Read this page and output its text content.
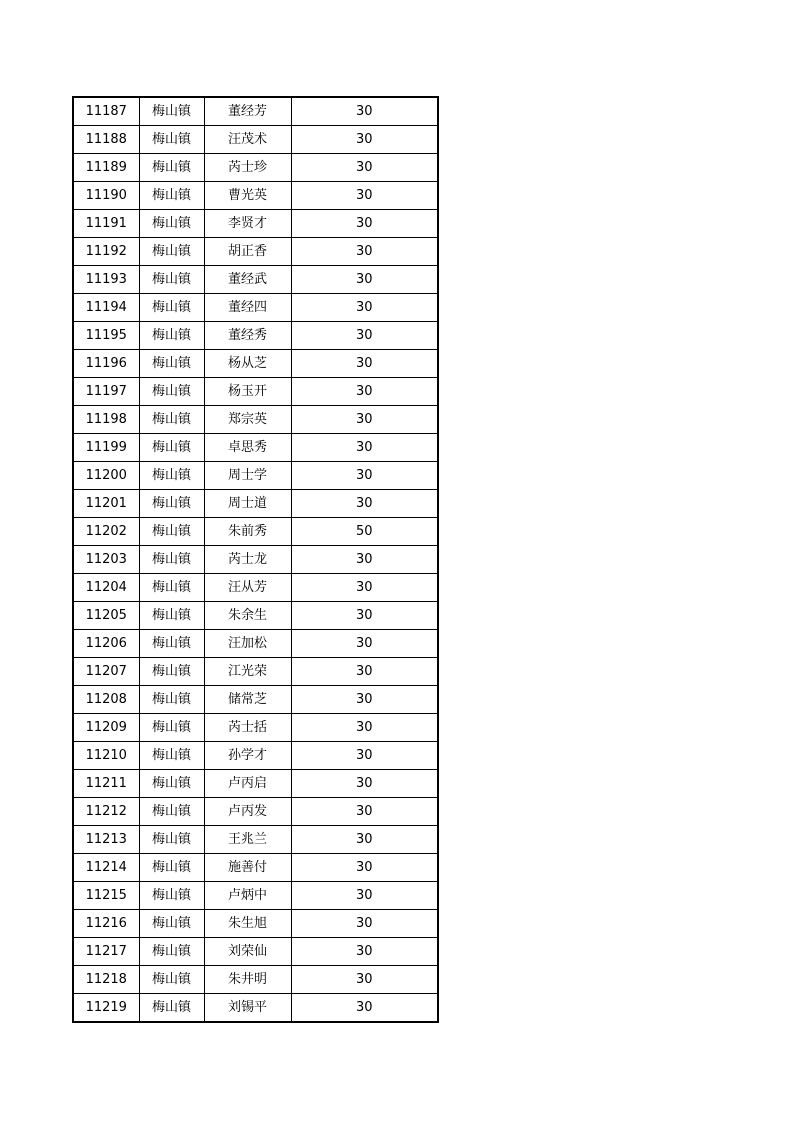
11187	梅山镇	董经芳	30
11188	梅山镇	汪茂术	30
11189	梅山镇	芮士珍	30
11190	梅山镇	曹光英	30
11191	梅山镇	李贤才	30
11192	梅山镇	胡正香	30
11193	梅山镇	董经武	30
11194	梅山镇	董经四	30
11195	梅山镇	董经秀	30
11196	梅山镇	杨从芝	30
11197	梅山镇	杨玉开	30
11198	梅山镇	郑宗英	30
11199	梅山镇	卓思秀	30
11200	梅山镇	周士学	30
11201	梅山镇	周士道	30
11202	梅山镇	朱前秀	50
11203	梅山镇	芮士龙	30
11204	梅山镇	汪从芳	30
11205	梅山镇	朱余生	30
11206	梅山镇	汪加松	30
11207	梅山镇	江光荣	30
11208	梅山镇	储常芝	30
11209	梅山镇	芮士括	30
11210	梅山镇	孙学才	30
11211	梅山镇	卢丙启	30
11212	梅山镇	卢丙发	30
11213	梅山镇	王兆兰	30
11214	梅山镇	施善付	30
11215	梅山镇	卢炳中	30
11216	梅山镇	朱生旭	30
11217	梅山镇	刘荣仙	30
11218	梅山镇	朱井明	30
11219	梅山镇	刘锡平	30
